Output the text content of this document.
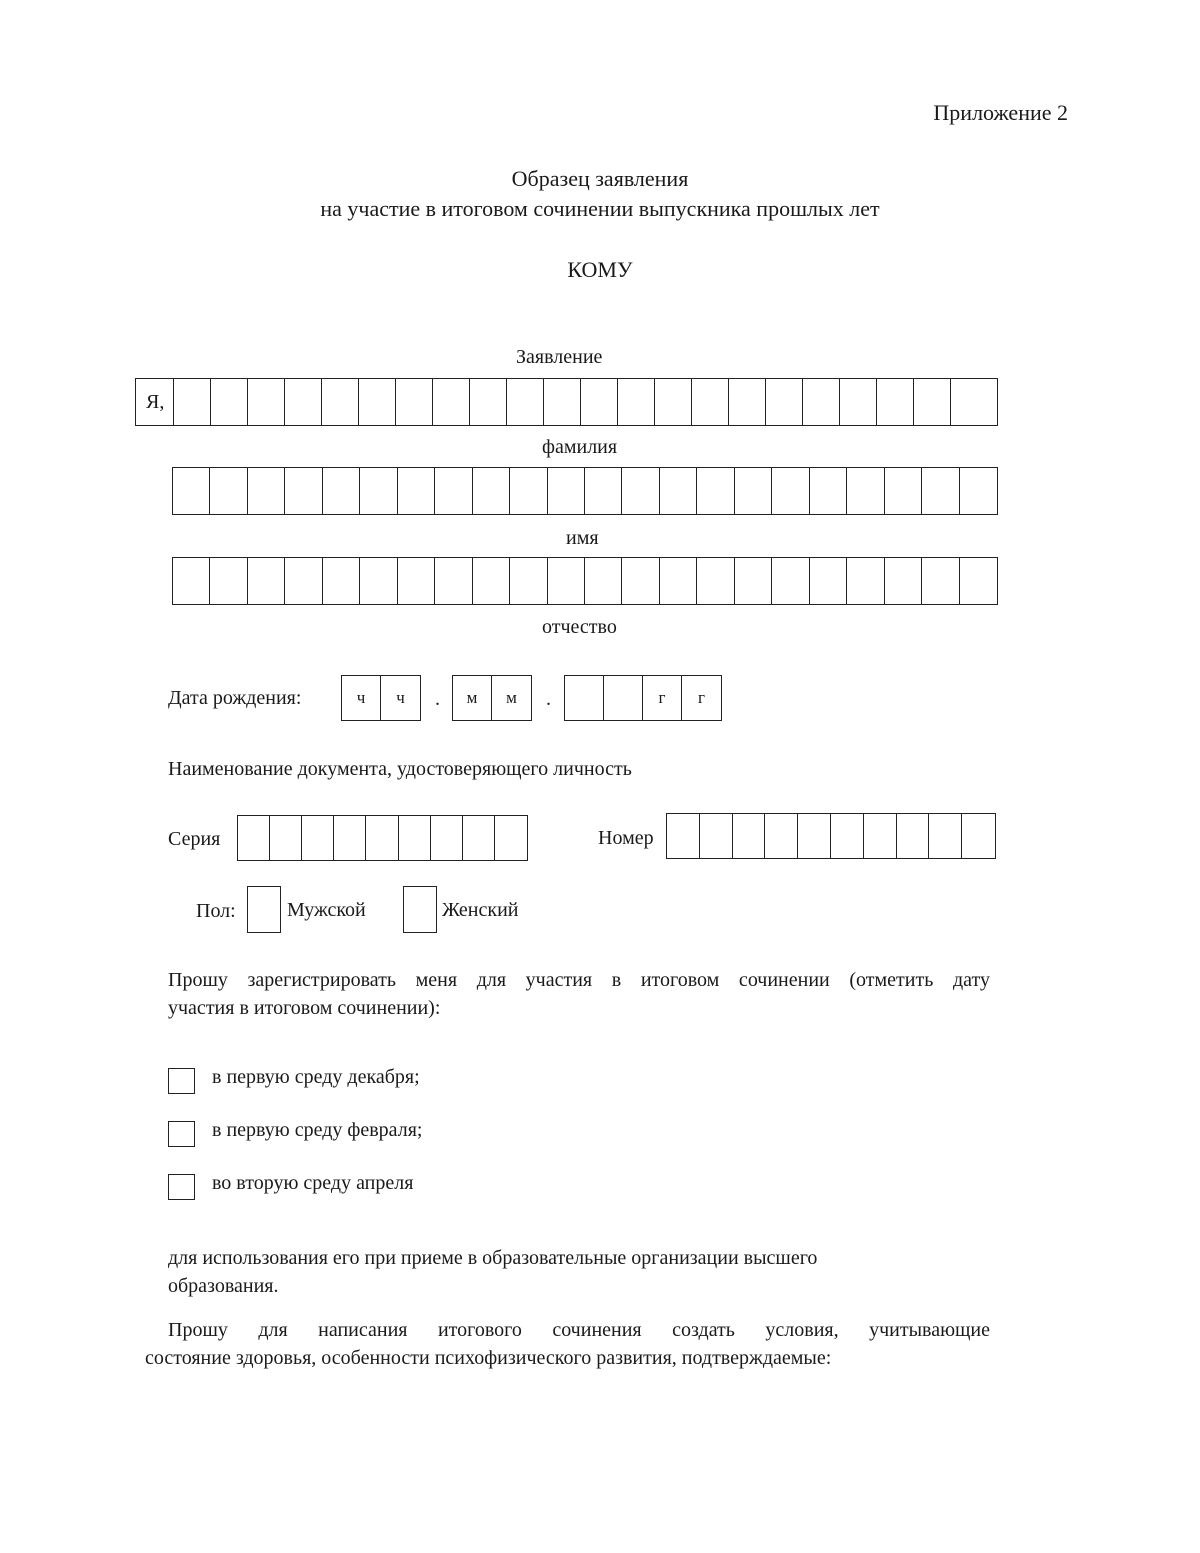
Приложение 2
Образец заявления
на участие в итоговом сочинении выпускника прошлых лет
КОМУ
Заявление
Я,
фамилия
имя
отчество
Дата рождения:	ч	ч	.	м	м	.	г	г
Наименование документа, удостоверяющего личность
Серия	Номер
Пол:	Мужской	Женский
Прошу зарегистрировать меня для участия в итоговом сочинении (отметить дату
участия в итоговом сочинении):
в первую среду декабря;
в первую среду февраля;
во вторую среду апреля
для использования его при приеме в образовательные организации высшего
образования.
Прошу для написания итогового сочинения создать условия, учитывающие
состояние здоровья, особенности психофизического развития, подтверждаемые:
